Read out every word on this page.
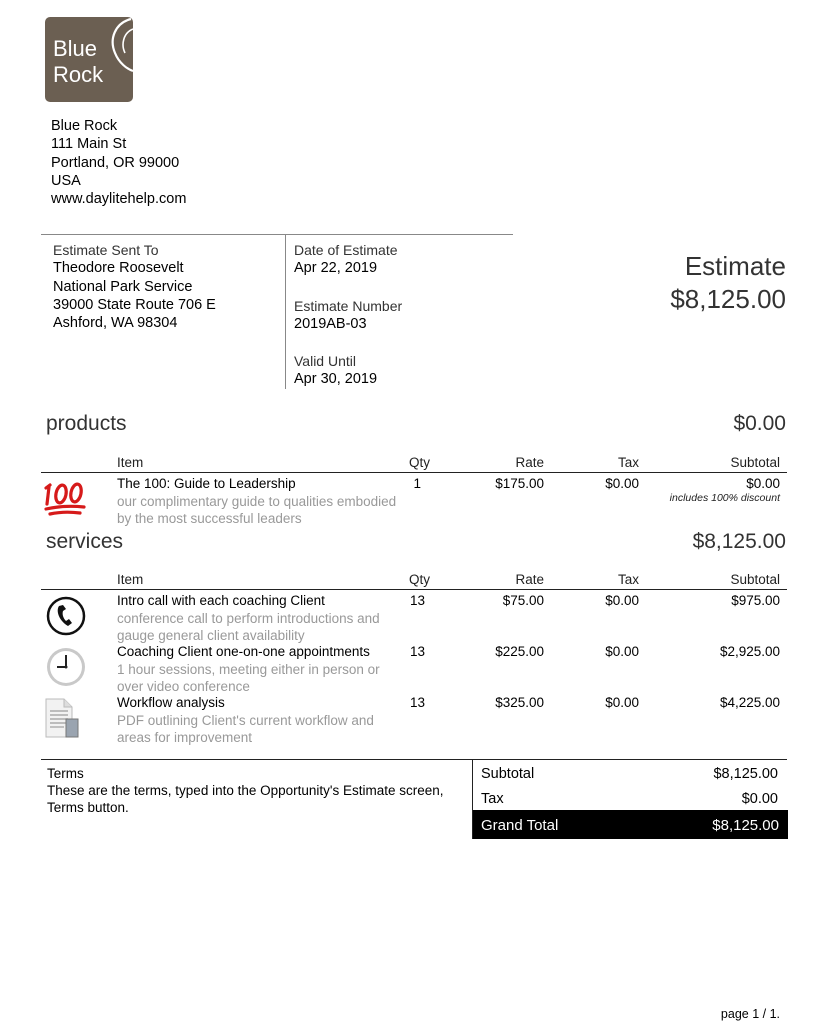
Blue
Rock
Blue Rock
111 Main St
Portland, OR 99000
USA
www.daylitehelp.com
Estimate Sent To
Theodore Roosevelt
National Park Service
39000 State Route 706 E
Ashford, WA 98304
Date of Estimate
Apr 22, 2019
Estimate Number
2019AB-03
Valid Until
Apr 30, 2019
Estimate
$8,125.00
products	$0.00
Item	Qty	Rate	Tax	Subtotal
The 100: Guide to Leadership
our complimentary guide to qualities embodied by the most successful leaders
1	$175.00	$0.00	$0.00
includes 100% discount
services	$8,125.00
Item	Qty	Rate	Tax	Subtotal
Intro call with each coaching Client
conference call to perform introductions and gauge general client availability
13	$75.00	$0.00	$975.00
Coaching Client one-on-one appointments
1 hour sessions, meeting either in person or over video conference
13	$225.00	$0.00	$2,925.00
Workflow analysis
PDF outlining Client's current workflow and areas for improvement
13	$325.00	$0.00	$4,225.00
Terms
These are the terms, typed into the Opportunity's Estimate screen, Terms button.
Subtotal	$8,125.00
Tax	$0.00
Grand Total	$8,125.00
page 1 / 1.
